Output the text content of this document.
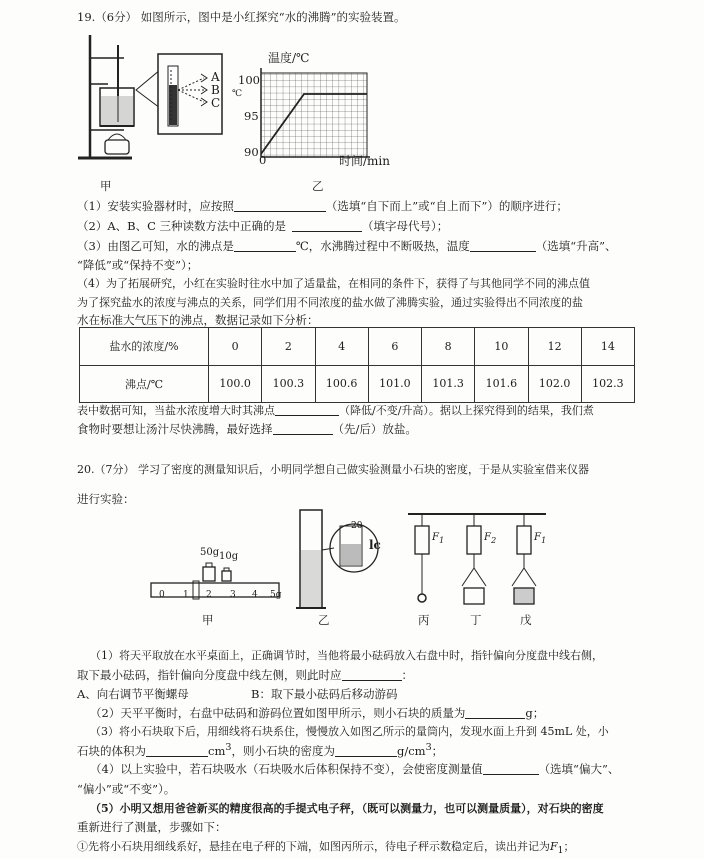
19.（6分） 如图所示，图中是小红探究“水的沸腾”的实验装置。
A
B
C
甲
温度/℃
100
℃
95
90
0	时间/min
乙
（1）安装实验器材时，应按照	（选填“自下而上”或“自上而下”）的顺序进行；
（2）A、B、C 三种读数方法中正确的是	（填字母代号）；
（3）由图乙可知，水的沸点是	℃，水沸腾过程中不断吸热，温度	（选填“升高”、
“降低”或“保持不变”）；
（4）为了拓展研究，小红在实验时往水中加了适量盐，在相同的条件下，获得了与其他同学不同的沸点值
为了探究盐水的浓度与沸点的关系，同学们用不同浓度的盐水做了沸腾实验，通过实验得出不同浓度的盐
水在标准大气压下的沸点，数据记录如下分析：
盐水的浓度/%	0	2	4	6	8	10	12	14
沸点/℃	100.0	100.3	100.6	101.0	101.3	101.6	102.0	102.3
表中数据可知，当盐水浓度增大时其沸点	（降低/不变/升高）。据以上探究得到的结果，我们煮
食物时要想让汤汁尽快沸腾，最好选择	（先/后）放盐。
20.（7分） 学习了密度的测量知识后，小明同学想自己做实验测量小石块的密度，于是从实验室借来仪器
进行实验：
50g 10g
0 1 2 3 4 5g
甲
20
lc
乙
$F_1$	$F_2$	$F_1$
丙	丁	戊
（1）将天平取放在水平桌面上，正确调节时，当他将最小砝码放入右盘中时，指针偏向分度盘中线右侧，
取下最小砝码，指针偏向分度盘中线左侧，则此时应	：
A、向右调节平衡螺母	B：取下最小砝码后移动游码
（2）天平平衡时，右盘中砝码和游码位置如图甲所示，则小石块的质量为	g；
（3）将小石块取下后，用细线将石块系住，慢慢放入如图乙所示的量筒内，发现水面上升到 45mL 处，小
石块的体积为	$cm^3$，则小石块的密度为	$g/cm^3$；
（4）以上实验中，若石块吸水（石块吸水后体积保持不变），会使密度测量值	（选填“偏大”、
“偏小”或“不变”）。
（5）小明又想用爸爸新买的精度很高的手提式电子秤，（既可以测量力，也可以测量质量），对石块的密度
重新进行了测量，步骤如下：
①先将小石块用细线系好，悬挂在电子秤的下端，如图丙所示，待电子秤示数稳定后，读出并记为$F_1$；
